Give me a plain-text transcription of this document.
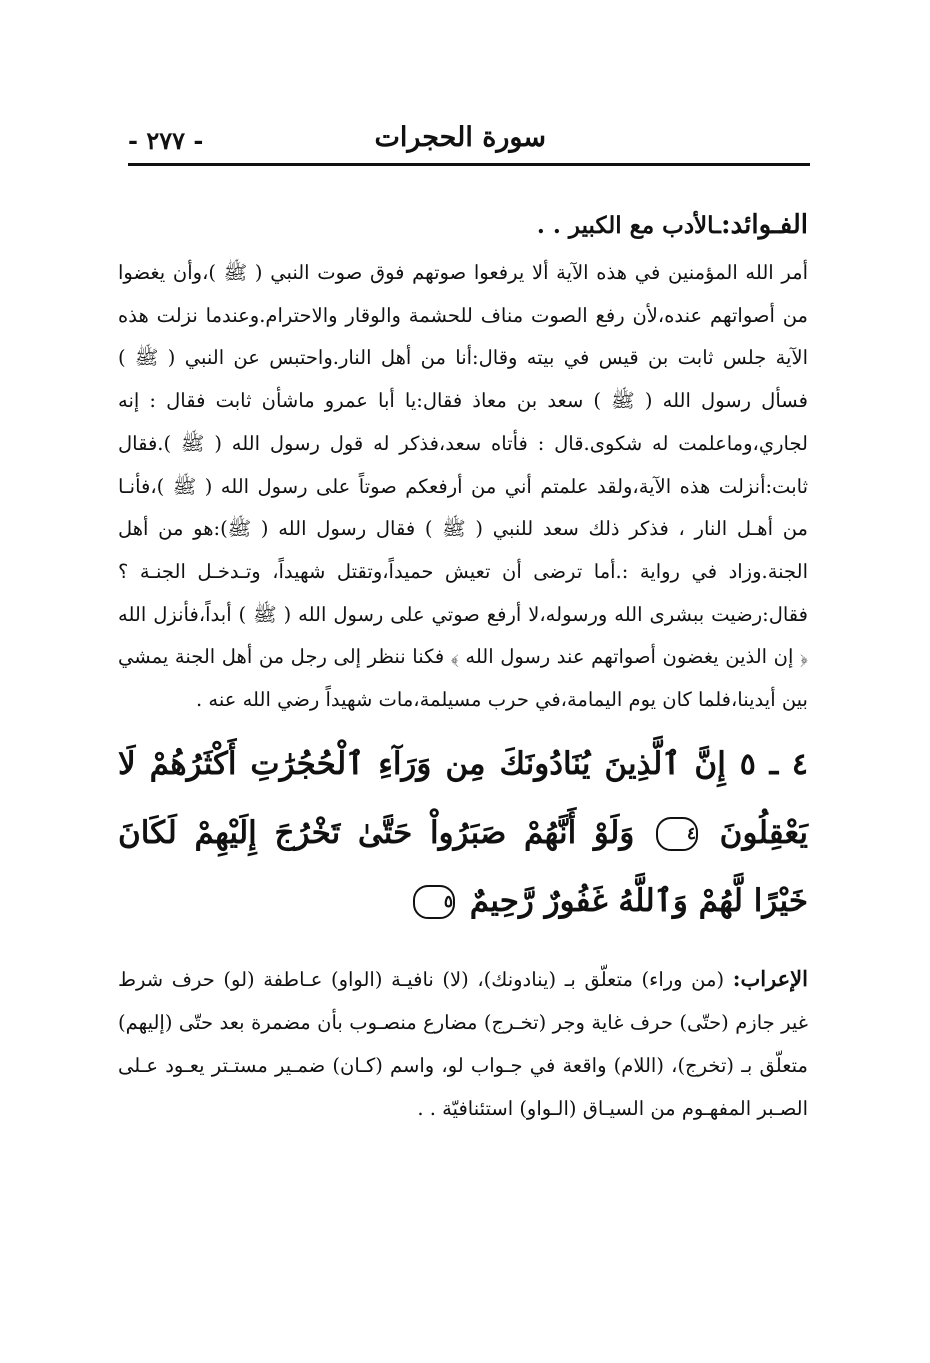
سورة الحجرات
- ٢٧٧ -
الفـوائد:ـالأدب مع الكبير . .

أمر الله المؤمنين في هذه الآية ألا يرفعوا صوتهم فوق صوت النبي ( ﷺ )،وأن يغضوا من أصواتهم عنده،لأن رفع الصوت مناف للحشمة والوقار والاحترام.وعندما نزلت هذه الآية جلس ثابت بن قيس في بيته وقال:أنا من أهل النار.واحتبس عن النبي ( ﷺ ) فسأل رسول الله ( ﷺ ) سعد بن معاذ فقال:يا أبا عمرو ماشأن ثابت فقال : إنه لجاري،وماعلمت له شكوى.قال : فأتاه سعد،فذكر له قول رسول الله ( ﷺ ).فقال ثابت:أنزلت هذه الآية،ولقد علمتم أني من أرفعكم صوتاً على رسول الله ( ﷺ )،فأنـا من أهـل النار ، فذكر ذلك سعد للنبي ( ﷺ ) فقال رسول الله ( ﷺ):هو من أهل الجنة.وزاد في رواية :.أما ترضى أن تعيش حميداً،وتقتل شهيداً، وتـدخـل الجنـة ؟ فقال:رضيت ببشرى الله ورسوله،لا أرفع صوتي على رسول الله ( ﷺ ) أبداً،فأنزل الله ﴿ إن الذين يغضون أصواتهم عند رسول الله ﴾ فكنا ننظر إلى رجل من أهل الجنة يمشي بين أيدينا،فلما كان يوم اليمامة،في حرب مسيلمة،مات شهيداً رضي الله عنه .

٤ ـ ٥ إِنَّ ٱلَّذِينَ يُنَادُونَكَ مِن وَرَآءِ ٱلْحُجُرَٰتِ أَكْثَرُهُمْ لَا يَعْقِلُونَ ٤ وَلَوْ أَنَّهُمْ صَبَرُواْ حَتَّىٰ تَخْرُجَ إِلَيْهِمْ لَكَانَ خَيْرًا لَّهُمْ وَٱللَّهُ غَفُورٌ رَّحِيمٌ ٥
الإعراب: (من وراء) متعلّق بـ (ينادونك)، (لا) نافيـة (الواو) عـاطفة (لو) حرف شرط غير جازم (حتّى) حرف غاية وجر (تخـرج) مضارع منصـوب بأن مضمرة بعد حتّى (إليهم) متعلّق بـ (تخرج)، (اللام) واقعة في جـواب لو، واسم (كـان) ضمـير مستـتر يعـود عـلى الصـبر المفهـوم من السيـاق (الـواو) استئنافيّة . .
